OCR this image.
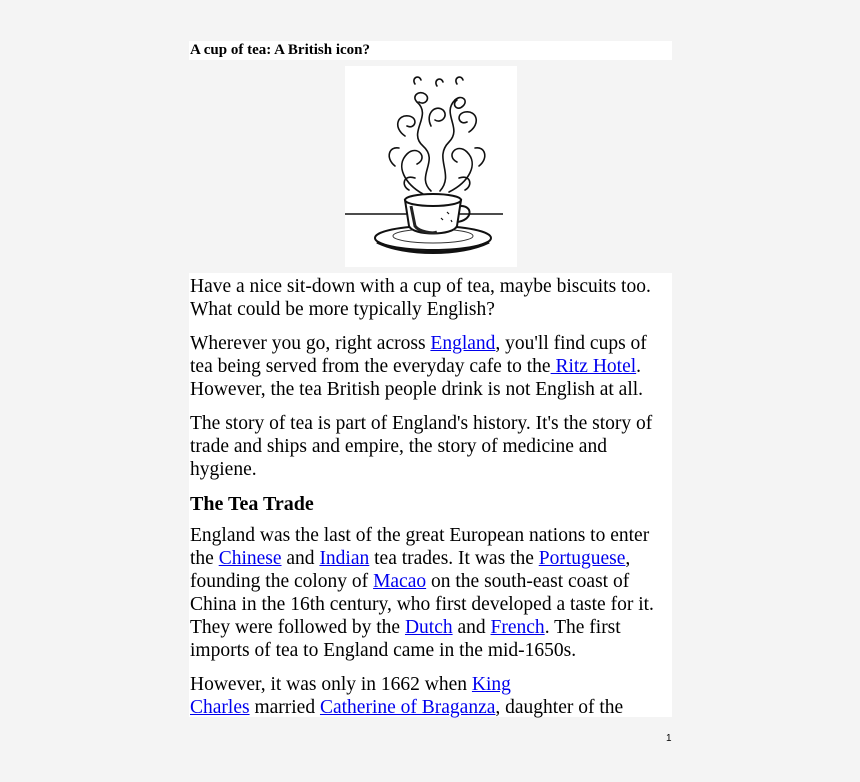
A cup of tea: A British icon?

Have a nice sit-down with a cup of tea, maybe biscuits too. What could be more typically English?

Wherever you go, right across England, you'll find cups of tea being served from the everyday cafe to the Ritz Hotel. However, the tea British people drink is not English at all.

The story of tea is part of England's history. It's the story of trade and ships and empire, the story of medicine and hygiene.

The Tea Trade

England was the last of the great European nations to enter the Chinese and Indian tea trades. It was the Portuguese, founding the colony of Macao on the south-east coast of China in the 16th century, who first developed a taste for it. They were followed by the Dutch and French. The first imports of tea to England came in the mid-1650s.

However, it was only in 1662 when King
Charles married Catherine of Braganza, daughter of the

1
